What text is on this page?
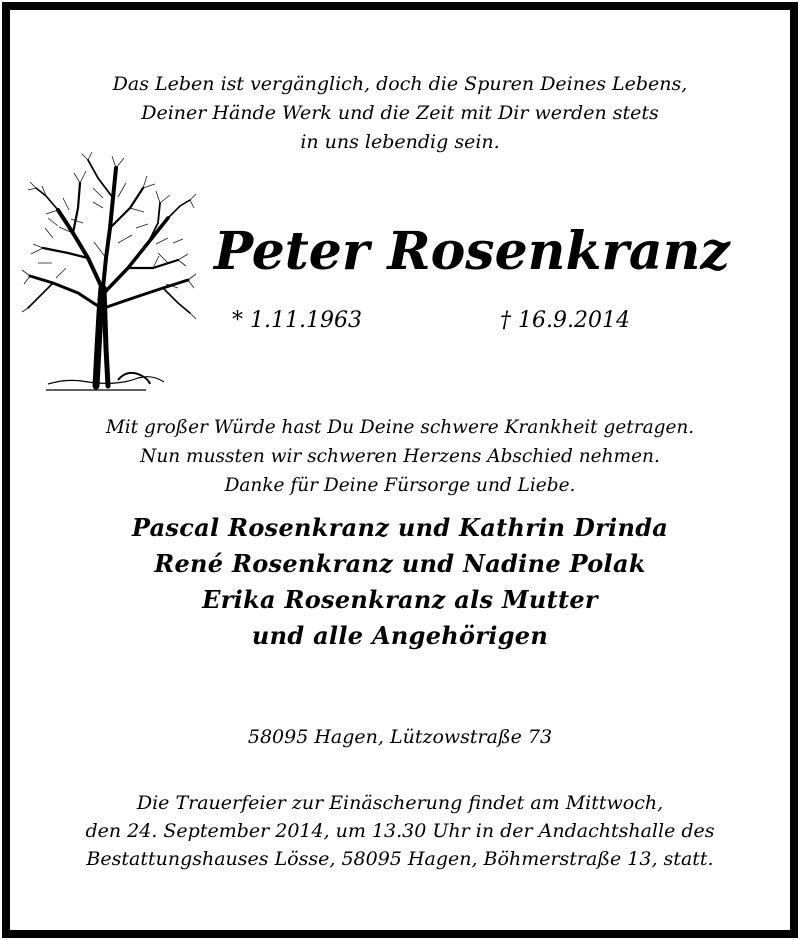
Das Leben ist vergänglich, doch die Spuren Deines Lebens,
Deiner Hände Werk und die Zeit mit Dir werden stets
in uns lebendig sein.
Peter Rosenkranz
* 1.11.1963	† 16.9.2014
Mit großer Würde hast Du Deine schwere Krankheit getragen.
Nun mussten wir schweren Herzens Abschied nehmen.
Danke für Deine Fürsorge und Liebe.
Pascal Rosenkranz und Kathrin Drinda
René Rosenkranz und Nadine Polak
Erika Rosenkranz als Mutter
und alle Angehörigen
58095 Hagen, Lützowstraße 73
Die Trauerfeier zur Einäscherung findet am Mittwoch,
den 24. September 2014, um 13.30 Uhr in der Andachtshalle des
Bestattungshauses Lösse, 58095 Hagen, Böhmerstraße 13, statt.
